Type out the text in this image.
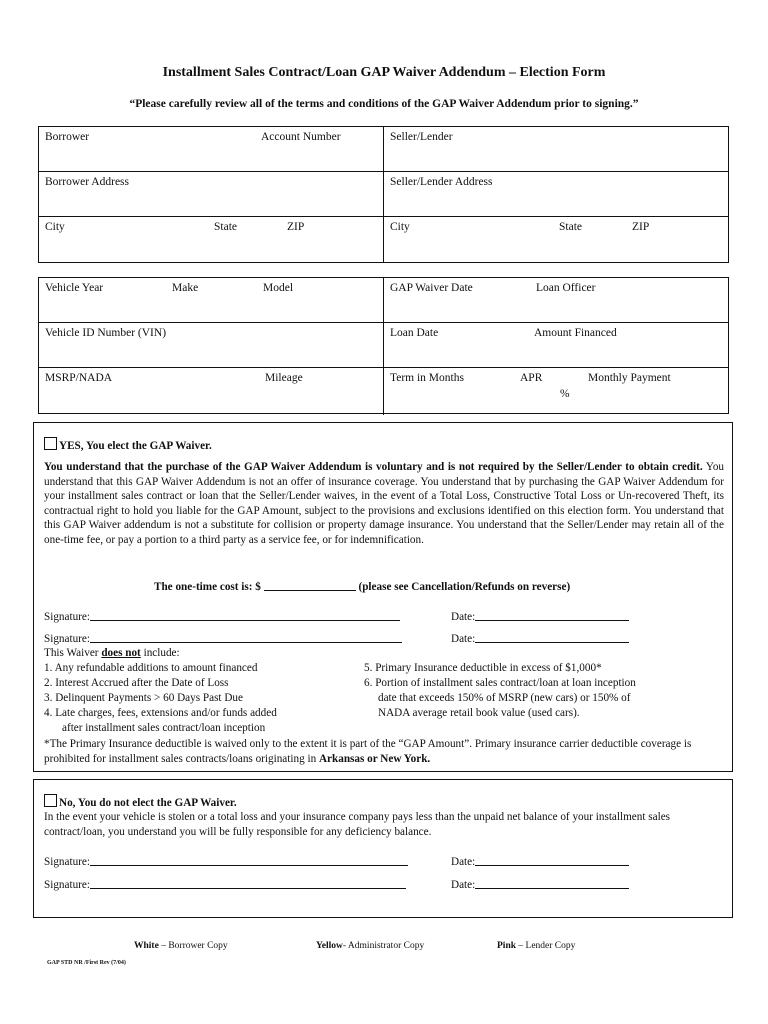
Installment Sales Contract/Loan GAP Waiver Addendum – Election Form
“Please carefully review all of the terms and conditions of the GAP Waiver Addendum prior to signing.”
Borrower	Account Number	Seller/Lender
Borrower Address	Seller/Lender Address
City	State	ZIP	City	State	ZIP
Vehicle Year	Make	Model	GAP Waiver Date	Loan Officer
Vehicle ID Number (VIN)	Loan Date	Amount Financed
MSRP/NADA	Mileage	Term in Months	APR	Monthly Payment
%
YES, You elect the GAP Waiver.
You understand that the purchase of the GAP Waiver Addendum is voluntary and is not required by the Seller/Lender to obtain credit. You understand that this GAP Waiver Addendum is not an offer of insurance coverage. You understand that by purchasing the GAP Waiver Addendum for your installment sales contract or loan that the Seller/Lender waives, in the event of a Total Loss, Constructive Total Loss or Un-recovered Theft, its contractual right to hold you liable for the GAP Amount, subject to the provisions and exclusions identified on this election form. You understand that this GAP Waiver addendum is not a substitute for collision or property damage insurance. You understand that the Seller/Lender may retain all of the one-time fee, or pay a portion to a third party as a service fee, or for indemnification.
The one-time cost is: $	(please see Cancellation/Refunds on reverse)
Signature:	Date:
Signature:	Date:
This Waiver does not include:
1. Any refundable additions to amount financed
2. Interest Accrued after the Date of Loss
3. Delinquent Payments > 60 Days Past Due
4. Late charges, fees, extensions and/or funds added
after installment sales contract/loan inception
5. Primary Insurance deductible in excess of $1,000*
6. Portion of installment sales contract/loan at loan inception
date that exceeds 150% of MSRP (new cars) or 150% of
NADA average retail book value (used cars).
*The Primary Insurance deductible is waived only to the extent it is part of the “GAP Amount”. Primary insurance carrier deductible coverage is prohibited for installment sales contracts/loans originating in Arkansas or New York.
No, You do not elect the GAP Waiver.
In the event your vehicle is stolen or a total loss and your insurance company pays less than the unpaid net balance of your installment sales contract/loan, you understand you will be fully responsible for any deficiency balance.
Signature:	Date:
Signature:	Date:
White – Borrower Copy	Yellow- Administrator Copy	Pink – Lender Copy
GAP STD NR /First Rev (7/04)
